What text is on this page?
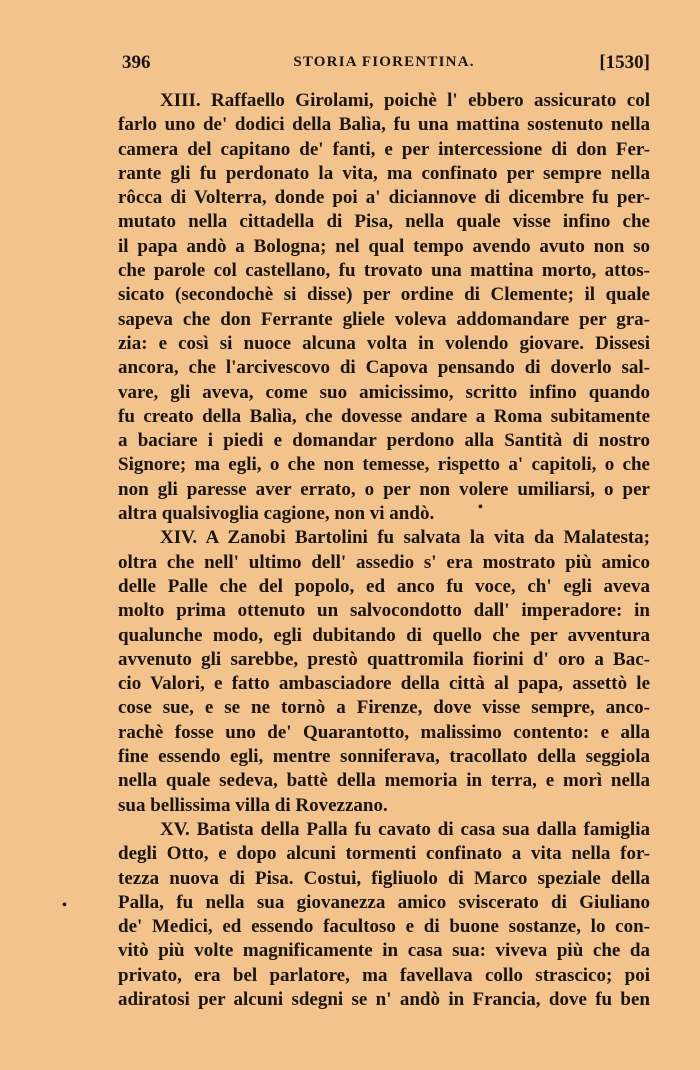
396	STORIA FIORENTINA.	[1530]
XIII. Raffaello Girolami, poichè l' ebbero assicurato col
farlo uno de' dodici della Balìa, fu una mattina sostenuto nella
camera del capitano de' fanti, e per intercessione di don Fer-
rante gli fu perdonato la vita, ma confinato per sempre nella
rôcca di Volterra, donde poi a' diciannove di dicembre fu per-
mutato nella cittadella di Pisa, nella quale visse infino che
il papa andò a Bologna; nel qual tempo avendo avuto non so
che parole col castellano, fu trovato una mattina morto, attos-
sicato (secondochè si disse) per ordine di Clemente; il quale
sapeva che don Ferrante gliele voleva addomandare per gra-
zia: e così si nuoce alcuna volta in volendo giovare. Dissesi
ancora, che l'arcivescovo di Capova pensando di doverlo sal-
vare, gli aveva, come suo amicissimo, scritto infino quando
fu creato della Balìa, che dovesse andare a Roma subitamente
a baciare i piedi e domandar perdono alla Santità di nostro
Signore; ma egli, o che non temesse, rispetto a' capitoli, o che
non gli paresse aver errato, o per non volere umiliarsi, o per
altra qualsivoglia cagione, non vi andò.
XIV. A Zanobi Bartolini fu salvata la vita da Malatesta;
oltra che nell' ultimo dell' assedio s' era mostrato più amico
delle Palle che del popolo, ed anco fu voce, ch' egli aveva
molto prima ottenuto un salvocondotto dall' imperadore: in
qualunche modo, egli dubitando di quello che per avventura
avvenuto gli sarebbe, prestò quattromila fiorini d' oro a Bac-
cio Valori, e fatto ambasciadore della città al papa, assettò le
cose sue, e se ne tornò a Firenze, dove visse sempre, anco-
rachè fosse uno de' Quarantotto, malissimo contento: e alla
fine essendo egli, mentre sonniferava, tracollato della seggiola
nella quale sedeva, battè della memoria in terra, e morì nella
sua bellissima villa di Rovezzano.
XV. Batista della Palla fu cavato di casa sua dalla famiglia
degli Otto, e dopo alcuni tormenti confinato a vita nella for-
tezza nuova di Pisa. Costui, figliuolo di Marco speziale della
Palla, fu nella sua giovanezza amico sviscerato di Giuliano
de' Medici, ed essendo facultoso e di buone sostanze, lo con-
vitò più volte magnificamente in casa sua: viveva più che da
privato, era bel parlatore, ma favellava collo strascico; poi
adiratosi per alcuni sdegni se n' andò in Francia, dove fu ben
•
•
